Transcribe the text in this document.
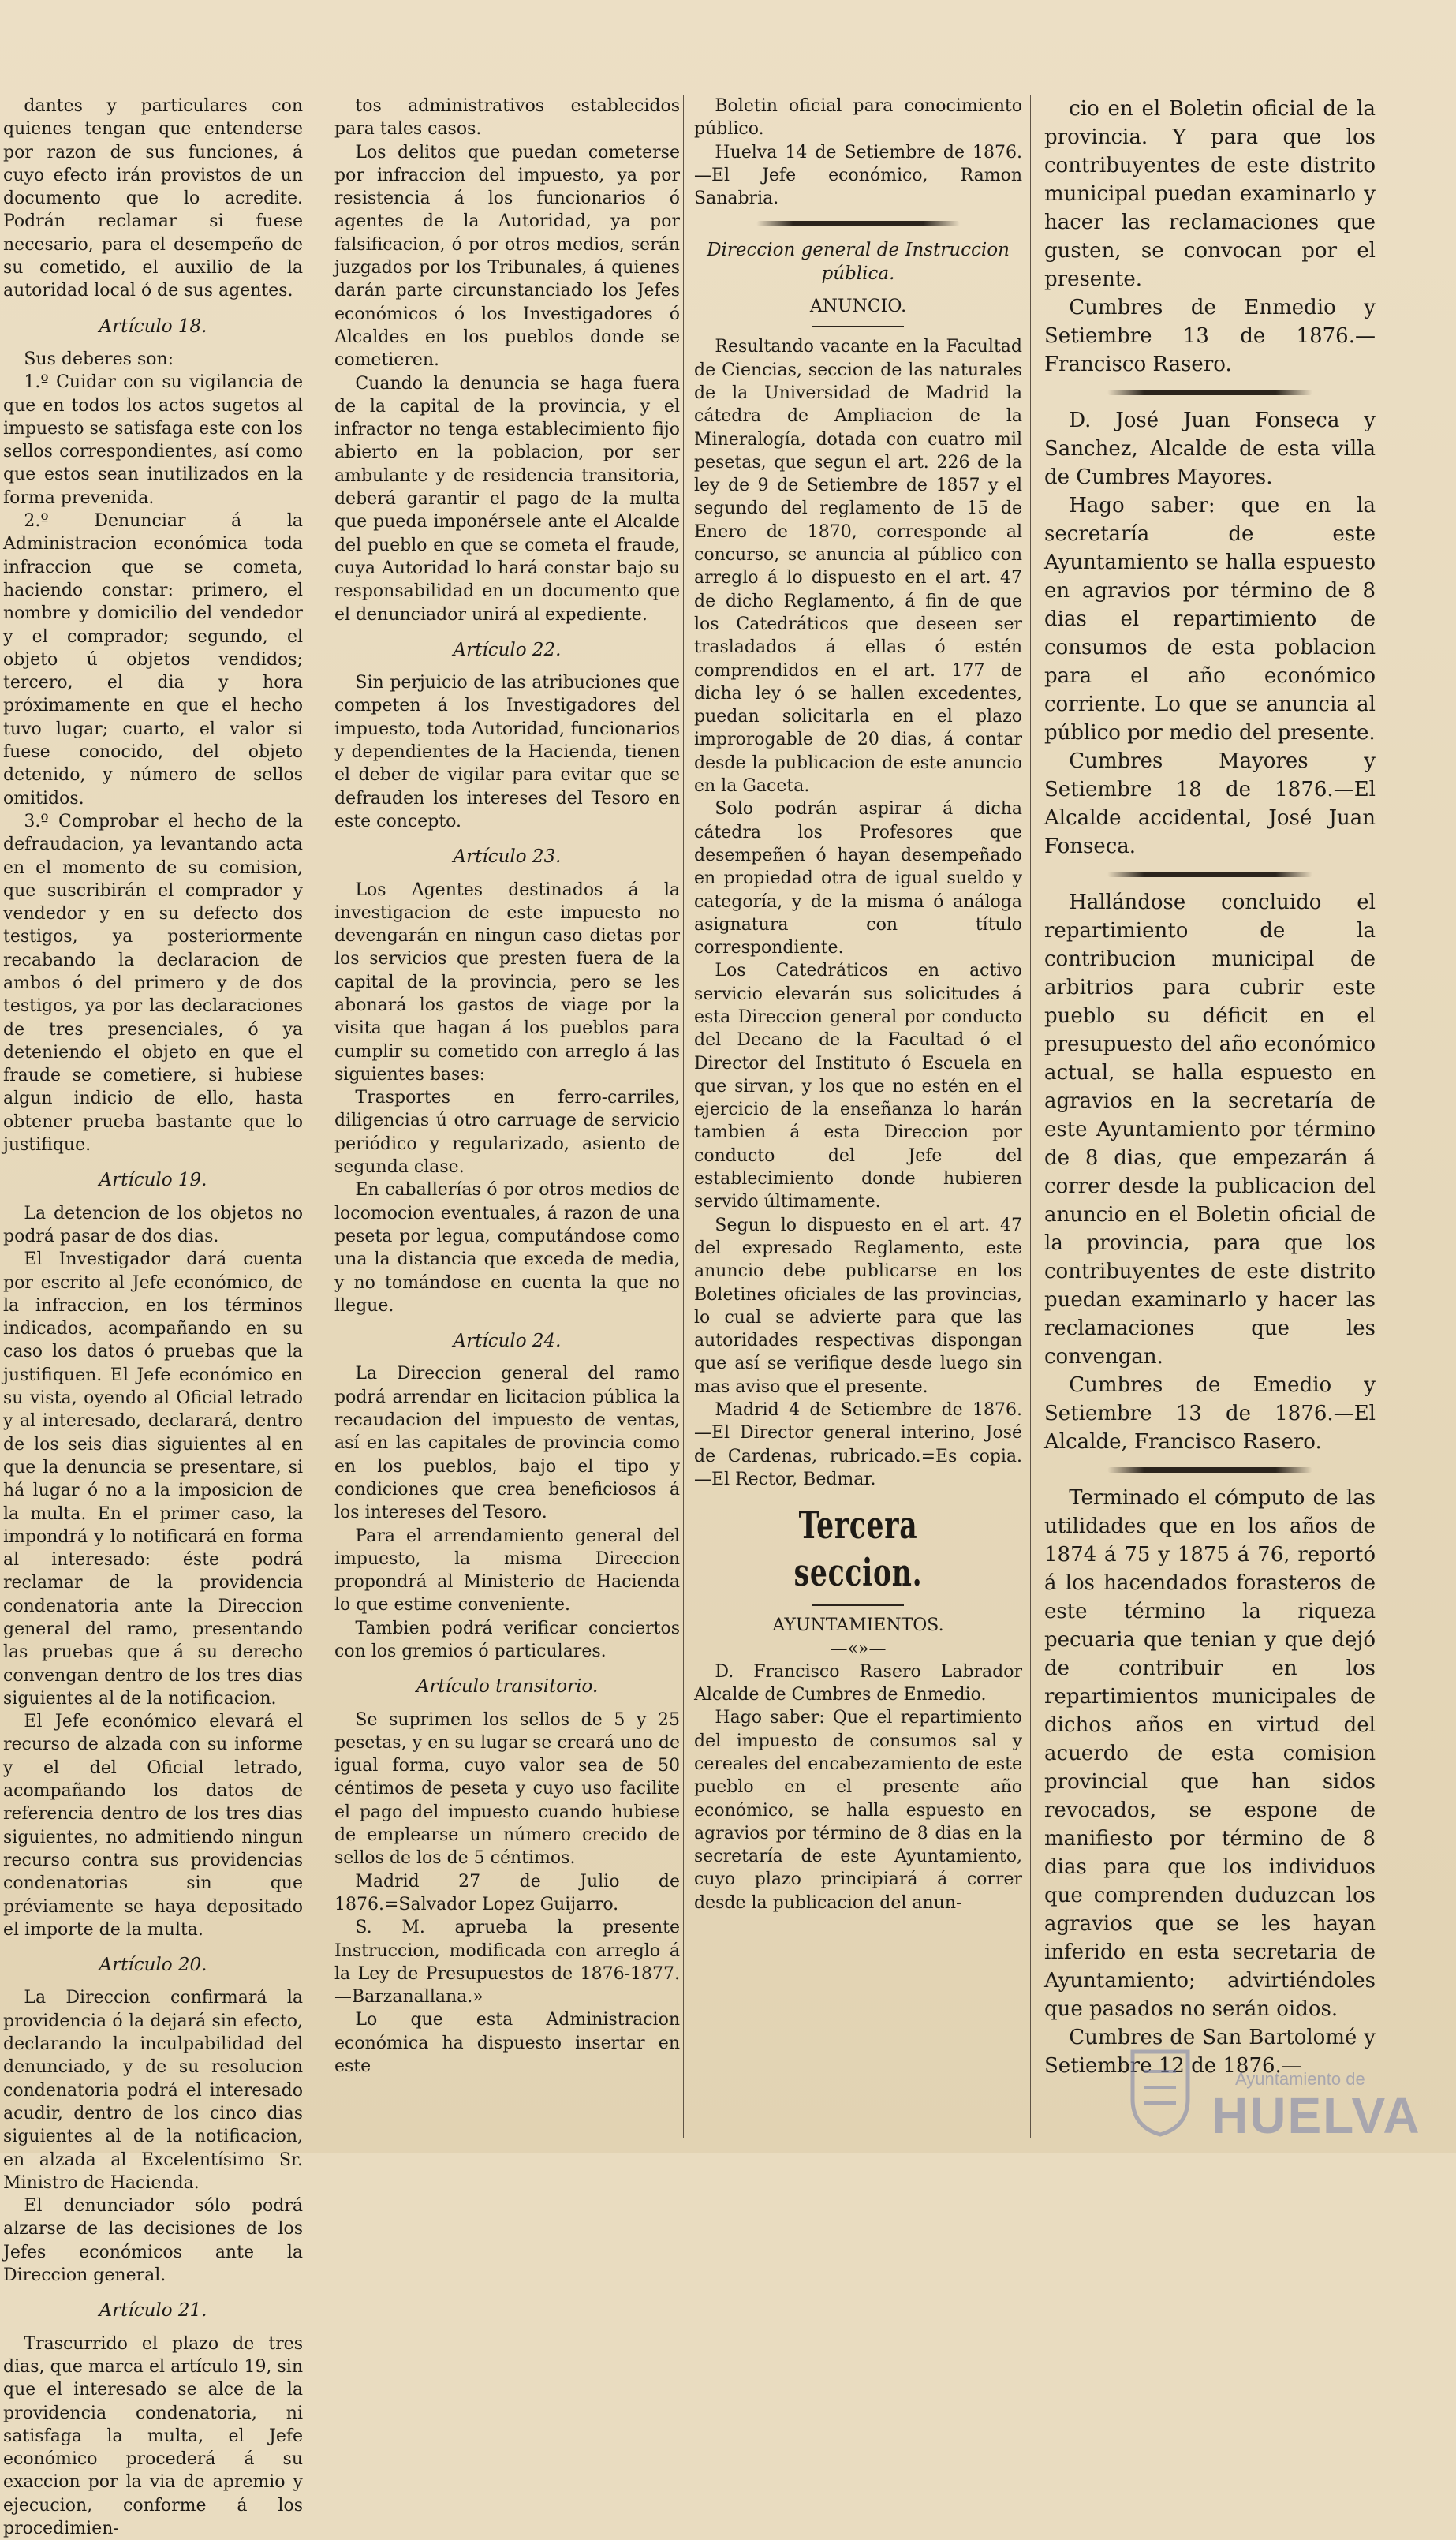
dantes y particulares con quienes tengan que entenderse por razon de sus funciones, á cuyo efecto irán provistos de un documento que lo acredite. Podrán reclamar si fuese necesario, para el desempeño de su cometido, el auxilio de la autoridad local ó de sus agentes.

Artículo 18.

Sus deberes son:

1.º Cuidar con su vigilancia de que en todos los actos sugetos al impuesto se satisfaga este con los sellos correspondientes, así como que estos sean inutilizados en la forma prevenida.

2.º Denunciar á la Administracion económica toda infraccion que se cometa, haciendo constar: primero, el nombre y domicilio del vendedor y el comprador; segundo, el objeto ú objetos vendidos; tercero, el dia y hora próximamente en que el hecho tuvo lugar; cuarto, el valor si fuese conocido, del objeto detenido, y número de sellos omitidos.

3.º Comprobar el hecho de la defraudacion, ya levantando acta en el momento de su comision, que suscribirán el comprador y vendedor y en su defecto dos testigos, ya posteriormente recabando la declaracion de ambos ó del primero y de dos testigos, ya por las declaraciones de tres presenciales, ó ya deteniendo el objeto en que el fraude se cometiere, si hubiese algun indicio de ello, hasta obtener prueba bastante que lo justifique.

Artículo 19.

La detencion de los objetos no podrá pasar de dos dias.

El Investigador dará cuenta por escrito al Jefe económico, de la infraccion, en los términos indicados, acompañando en su caso los datos ó pruebas que la justifiquen. El Jefe económico en su vista, oyendo al Oficial letrado y al interesado, declarará, dentro de los seis dias siguientes al en que la denuncia se presentare, si há lugar ó no a la imposicion de la multa. En el primer caso, la impondrá y lo notificará en forma al interesado: éste podrá reclamar de la providencia condenatoria ante la Direccion general del ramo, presentando las pruebas que á su derecho convengan dentro de los tres dias siguientes al de la notificacion.

El Jefe económico elevará el recurso de alzada con su informe y el del Oficial letrado, acompañando los datos de referencia dentro de los tres dias siguientes, no admitiendo ningun recurso contra sus providencias condenatorias sin que préviamente se haya depositado el importe de la multa.

Artículo 20.

La Direccion confirmará la providencia ó la dejará sin efecto, declarando la inculpabilidad del denunciado, y de su resolucion condenatoria podrá el interesado acudir, dentro de los cinco dias siguientes al de la notificacion, en alzada al Excelentísimo Sr. Ministro de Hacienda.

El denunciador sólo podrá alzarse de las decisiones de los Jefes económicos ante la Direccion general.

Artículo 21.

Trascurrido el plazo de tres dias, que marca el artículo 19, sin que el interesado se alce de la providencia condenatoria, ni satisfaga la multa, el Jefe económico procederá á su exaccion por la via de apremio y ejecucion, conforme á los procedimien-

tos administrativos establecidos para tales casos.

Los delitos que puedan cometerse por infraccion del impuesto, ya por resistencia á los funcionarios ó agentes de la Autoridad, ya por falsificacion, ó por otros medios, serán juzgados por los Tribunales, á quienes darán parte circunstanciado los Jefes económicos ó los Investigadores ó Alcaldes en los pueblos donde se cometieren.

Cuando la denuncia se haga fuera de la capital de la provincia, y el infractor no tenga establecimiento fijo abierto en la poblacion, por ser ambulante y de residencia transitoria, deberá garantir el pago de la multa que pueda imponérsele ante el Alcalde del pueblo en que se cometa el fraude, cuya Autoridad lo hará constar bajo su responsabilidad en un documento que el denunciador unirá al expediente.

Artículo 22.

Sin perjuicio de las atribuciones que competen á los Investigadores del impuesto, toda Autoridad, funcionarios y dependientes de la Hacienda, tienen el deber de vigilar para evitar que se defrauden los intereses del Tesoro en este concepto.

Artículo 23.

Los Agentes destinados á la investigacion de este impuesto no devengarán en ningun caso dietas por los servicios que presten fuera de la capital de la provincia, pero se les abonará los gastos de viage por la visita que hagan á los pueblos para cumplir su cometido con arreglo á las siguientes bases:

Trasportes en ferro-carriles, diligencias ú otro carruage de servicio periódico y regularizado, asiento de segunda clase.

En caballerías ó por otros medios de locomocion eventuales, á razon de una peseta por legua, computándose como una la distancia que exceda de media, y no tomándose en cuenta la que no llegue.

Artículo 24.

La Direccion general del ramo podrá arrendar en licitacion pública la recaudacion del impuesto de ventas, así en las capitales de provincia como en los pueblos, bajo el tipo y condiciones que crea beneficiosos á los intereses del Tesoro.

Para el arrendamiento general del impuesto, la misma Direccion propondrá al Ministerio de Hacienda lo que estime conveniente.

Tambien podrá verificar conciertos con los gremios ó particulares.

Artículo transitorio.

Se suprimen los sellos de 5 y 25 pesetas, y en su lugar se creará uno de igual forma, cuyo valor sea de 50 céntimos de peseta y cuyo uso facilite el pago del impuesto cuando hubiese de emplearse un número crecido de sellos de los de 5 céntimos.

Madrid 27 de Julio de 1876.=Salvador Lopez Guijarro.

S. M. aprueba la presente Instruccion, modificada con arreglo á la Ley de Presupuestos de 1876-1877.—Barzanallana.»

Lo que esta Administracion económica ha dispuesto insertar en este

Boletin oficial para conocimiento público.

Huelva 14 de Setiembre de 1876. —El Jefe económico, Ramon Sanabria.

Direccion general de Instruccion pública.
ANUNCIO.

Resultando vacante en la Facultad de Ciencias, seccion de las naturales de la Universidad de Madrid la cátedra de Ampliacion de la Mineralogía, dotada con cuatro mil pesetas, que segun el art. 226 de la ley de 9 de Setiembre de 1857 y el segundo del reglamento de 15 de Enero de 1870, corresponde al concurso, se anuncia al público con arreglo á lo dispuesto en el art. 47 de dicho Reglamento, á fin de que los Catedráticos que deseen ser trasladados á ellas ó estén comprendidos en el art. 177 de dicha ley ó se hallen excedentes, puedan solicitarla en el plazo improrogable de 20 dias, á contar desde la publicacion de este anuncio en la Gaceta.

Solo podrán aspirar á dicha cátedra los Profesores que desempeñen ó hayan desempeñado en propiedad otra de igual sueldo y categoría, y de la misma ó análoga asignatura con título correspondiente.

Los Catedráticos en activo servicio elevarán sus solicitudes á esta Direccion general por conducto del Decano de la Facultad ó el Director del Instituto ó Escuela en que sirvan, y los que no estén en el ejercicio de la enseñanza lo harán tambien á esta Direccion por conducto del Jefe del establecimiento donde hubieren servido últimamente.

Segun lo dispuesto en el art. 47 del expresado Reglamento, este anuncio debe publicarse en los Boletines oficiales de las provincias, lo cual se advierte para que las autoridades respectivas dispongan que así se verifique desde luego sin mas aviso que el presente.

Madrid 4 de Setiembre de 1876. —El Director general interino, José de Cardenas, rubricado.=Es copia. —El Rector, Bedmar.

Tercera seccion.
AYUNTAMIENTOS.
—«»—

D. Francisco Rasero Labrador Alcalde de Cumbres de Enmedio.

Hago saber: Que el repartimiento del impuesto de consumos sal y cereales del encabezamiento de este pueblo en el presente año económico, se halla espuesto en agravios por término de 8 dias en la secretaría de este Ayuntamiento, cuyo plazo principiará á correr desde la publicacion del anun-

cio en el Boletin oficial de la provincia. Y para que los contribuyentes de este distrito municipal puedan examinarlo y hacer las reclamaciones que gusten, se convocan por el presente.

Cumbres de Enmedio y Setiembre 13 de 1876.—Francisco Rasero.

D. José Juan Fonseca y Sanchez, Alcalde de esta villa de Cumbres Mayores.

Hago saber: que en la secretaría de este Ayuntamiento se halla espuesto en agravios por término de 8 dias el repartimiento de consumos de esta poblacion para el año económico corriente. Lo que se anuncia al público por medio del presente.

Cumbres Mayores y Setiembre 18 de 1876.—El Alcalde accidental, José Juan Fonseca.

Hallándose concluido el repartimiento de la contribucion municipal de arbitrios para cubrir este pueblo su déficit en el presupuesto del año económico actual, se halla espuesto en agravios en la secretaría de este Ayuntamiento por término de 8 dias, que empezarán á correr desde la publicacion del anuncio en el Boletin oficial de la provincia, para que los contribuyentes de este distrito puedan examinarlo y hacer las reclamaciones que les convengan.

Cumbres de Emedio y Setiembre 13 de 1876.—El Alcalde, Francisco Rasero.

Terminado el cómputo de las utilidades que en los años de 1874 á 75 y 1875 á 76, reportó á los hacendados forasteros de este término la riqueza pecuaria que tenian y que dejó de contribuir en los repartimientos municipales de dichos años en virtud del acuerdo de esta comision provincial que han sidos revocados, se espone de manifiesto por término de 8 dias para que los individuos que comprenden duduzcan los agravios que se les hayan inferido en esta secretaria de Ayuntamiento; advirtiéndoles que pasados no serán oidos.

Cumbres de San Bartolomé y Setiembre 12 de 1876.—

Ayuntamiento de
HUELVA
